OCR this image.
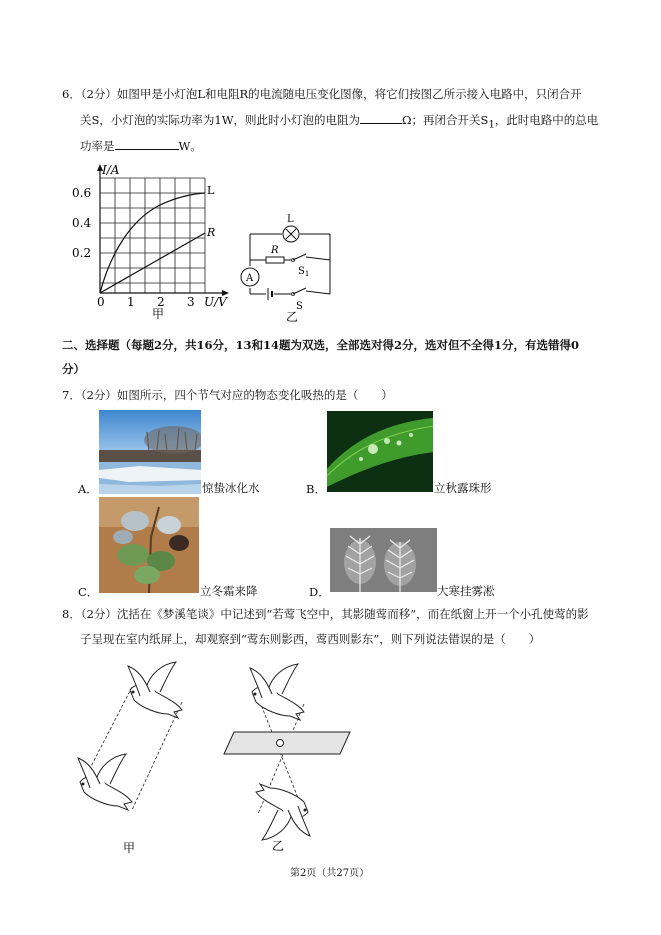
6．（2分）如图甲是小灯泡L和电阻R的电流随电压变化图像，将它们按图乙所示接入电路中，只闭合开
关S，小灯泡的实际功率为1W，则此时小灯泡的电阻为	Ω；再闭合开关$S_1$，此时电路中的总电
功率是	W。
I/A
0.6
0.4
0.2
0 1 2 3 U/V
L
R
甲
L
R
$S_1$
A
S
乙
二、选择题（每题2分，共16分，13和14题为双选，全部选对得2分，选对但不全得1分，有选错得0
分）
7．（2分）如图所示，四个节气对应的物态变化吸热的是（　　）
A．	惊蛰冰化水	B．	立秋露珠形
C．	立冬霜来降	D．	大寒挂雾凇
8．（2分）沈括在《梦溪笔谈》中记述到“若莺飞空中，其影随莺而移”，而在纸窗上开一个小孔使莺的影
子呈现在室内纸屏上，却观察到“莺东则影西，莺西则影东”，则下列说法错误的是（　　）
甲	乙
第2页（共27页）
